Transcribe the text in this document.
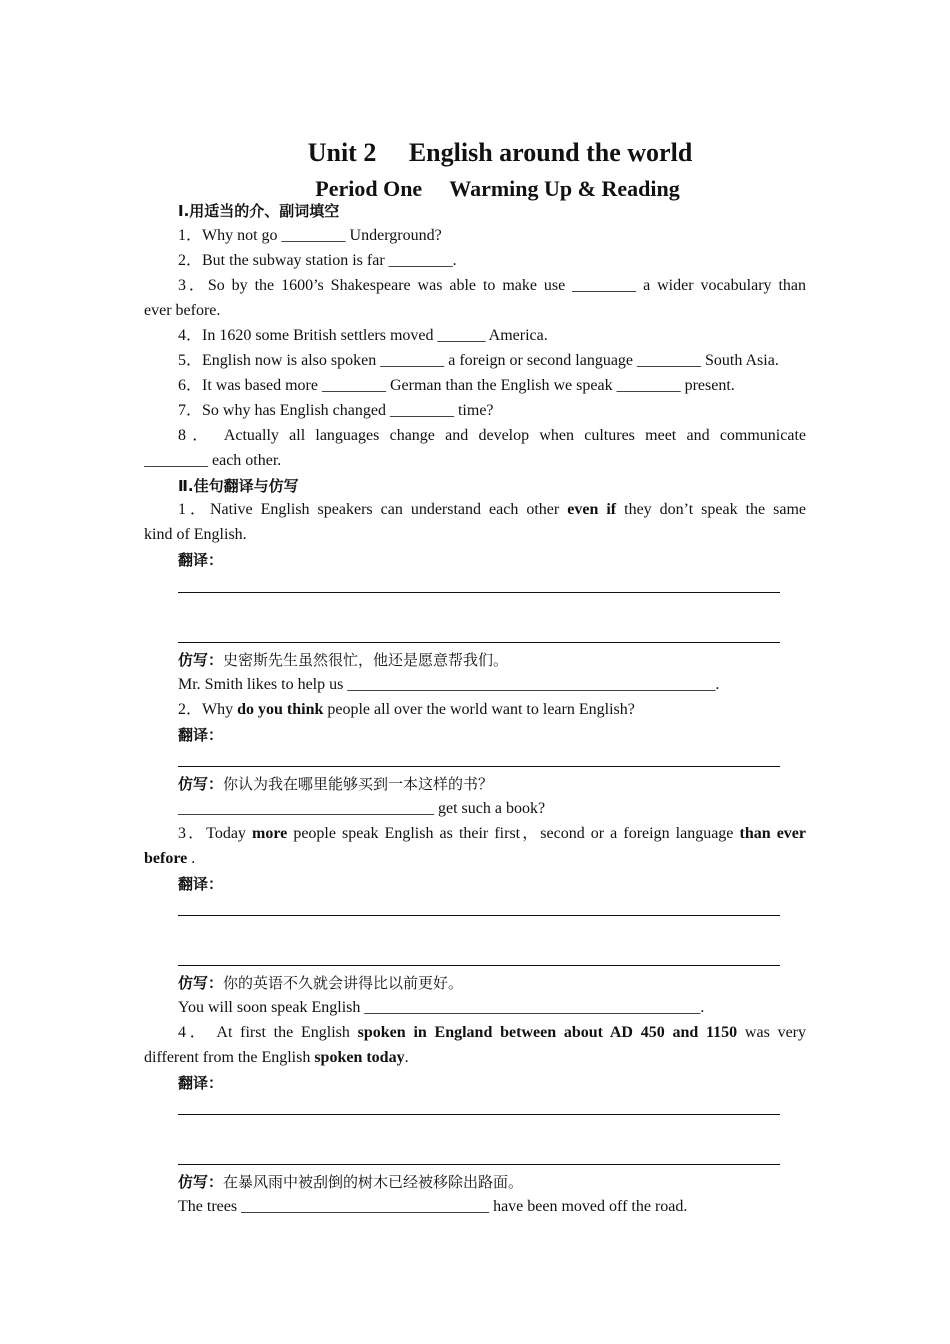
Unit 2　 English around the world
Period One　 Warming Up & Reading
Ⅰ.用适当的介、副词填空
1．Why not go ________ Underground?
2．But the subway station is far ________.
3．So by the 1600’s Shakespeare was able to make use ________ a wider vocabulary than
ever before.
4．In 1620 some British settlers moved ______ America.
5．English now is also spoken ________ a foreign or second language ________ South Asia.
6．It was based more ________ German than the English we speak ________ present.
7．So why has English changed ________ time?
8． Actually all languages change and develop when cultures meet and communicate
________ each other.
Ⅱ.佳句翻译与仿写
1．Native English speakers can understand each other even if they don’t speak the same
kind of English.
翻译：
仿写：史密斯先生虽然很忙，他还是愿意帮我们。
Mr. Smith likes to help us ______________________________________________.
2．Why do you think people all over the world want to learn English?
翻译：
仿写：你认为我在哪里能够买到一本这样的书？
________________________________ get such a book?
3．Today more people speak English as their first，second or a foreign language than ever
before .
翻译：
仿写：你的英语不久就会讲得比以前更好。
You will soon speak English __________________________________________.
4． At first the English spoken in England between about AD 450 and 1150 was very
different from the English spoken today.
翻译：
仿写：在暴风雨中被刮倒的树木已经被移除出路面。
The trees _______________________________ have been moved off the road.
